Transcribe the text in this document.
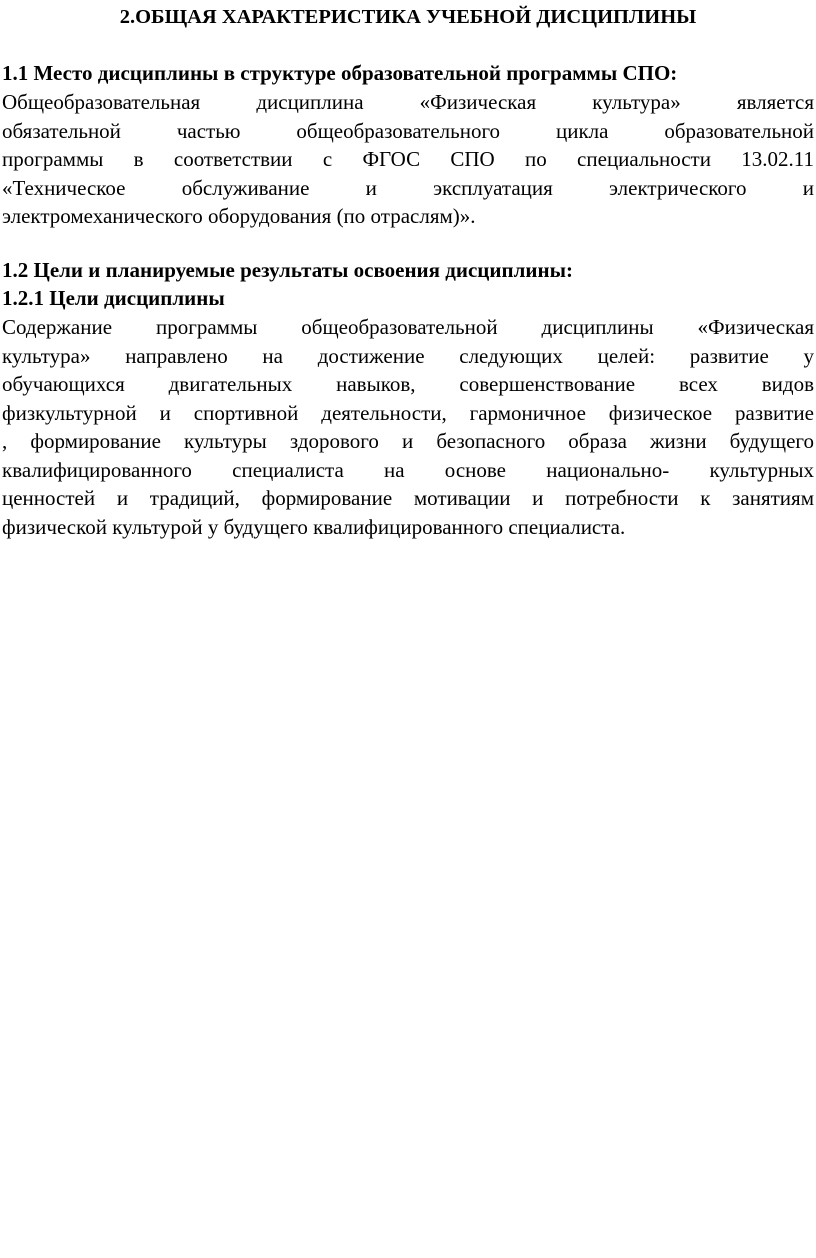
2.ОБЩАЯ ХАРАКТЕРИСТИКА УЧЕБНОЙ ДИСЦИПЛИНЫ
1.1 Место дисциплины в структуре образовательной программы СПО:
Общеобразовательная дисциплина «Физическая культура» является
обязательной частью общеобразовательного цикла образовательной
программы в соответствии с ФГОС СПО по специальности 13.02.11
«Техническое обслуживание и эксплуатация электрического и
электромеханического оборудования (по отраслям)».
1.2 Цели и планируемые результаты освоения дисциплины:
1.2.1 Цели дисциплины
Содержание программы общеобразовательной дисциплины «Физическая
культура» направлено на достижение следующих целей: развитие у
обучающихся двигательных навыков, совершенствование всех видов
физкультурной и спортивной деятельности, гармоничное физическое развитие
, формирование культуры здорового и безопасного образа жизни будущего
квалифицированного специалиста на основе национально- культурных
ценностей и традиций, формирование мотивации и потребности к занятиям
физической культурой у будущего квалифицированного специалиста.
